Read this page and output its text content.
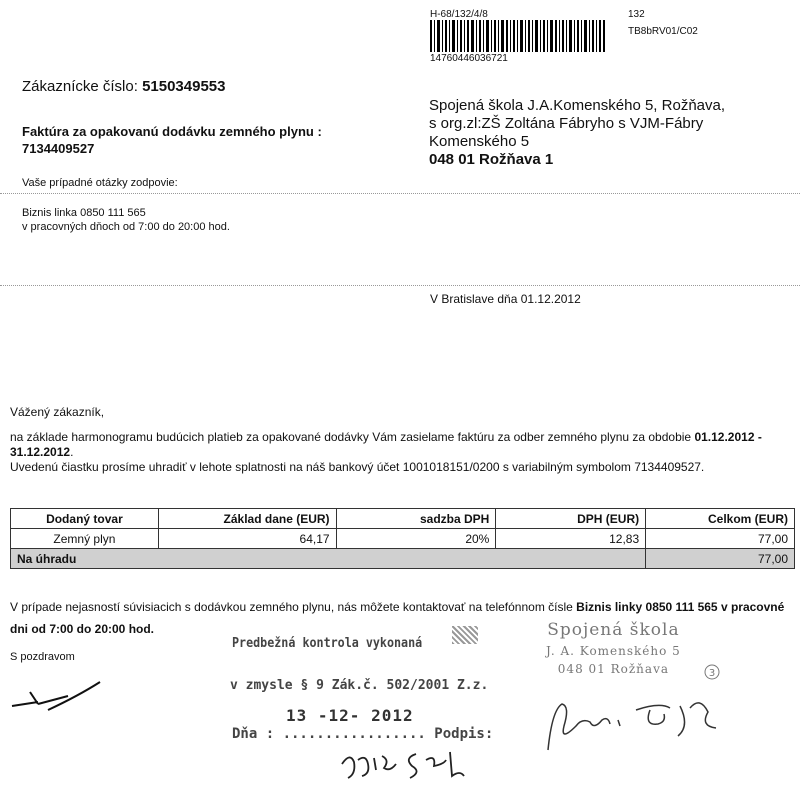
H-68/132/4/8
14760446036721
132
TB8bRV01/C02
Zákaznícke číslo: 5150349553
Faktúra za opakovanú dodávku zemného plynu :
7134409527
Vaše prípadné otázky zodpovie:
Biznis linka 0850 111 565
v pracovných dňoch od 7:00 do 20:00 hod.
Spojená škola J.A.Komenského 5, Rožňava,
s org.zl:ZŠ Zoltána Fábryho s VJM-Fábry
Komenského 5
048 01 Rožňava 1
V Bratislave dňa 01.12.2012
Vážený zákazník,
na základe harmonogramu budúcich platieb za opakované dodávky Vám zasielame faktúru za odber zemného plynu za obdobie 01.12.2012 - 31.12.2012.
Uvedenú čiastku prosíme uhradiť v lehote splatnosti na náš bankový účet 1001018151/0200 s variabilným symbolom 7134409527.
Dodaný tovar	Základ dane (EUR)	sadzba DPH	DPH (EUR)	Celkom (EUR)
Zemný plyn	64,17	20%	12,83	77,00
Na úhradu				77,00
V prípade nejasností súvisiacich s dodávkou zemného plynu, nás môžete kontaktovať na telefónnom čísle Biznis linky 0850 111 565 v pracovné dni od 7:00 do 20:00 hod.
S pozdravom
Predbežná kontrola vykonaná
v zmysle § 9 Zák.č. 502/2001 Z.z.
13 -12- 2012
Dňa : ................. Podpis:
Spojená škola
J. A. Komenského 5
048 01 Rožňava	3
